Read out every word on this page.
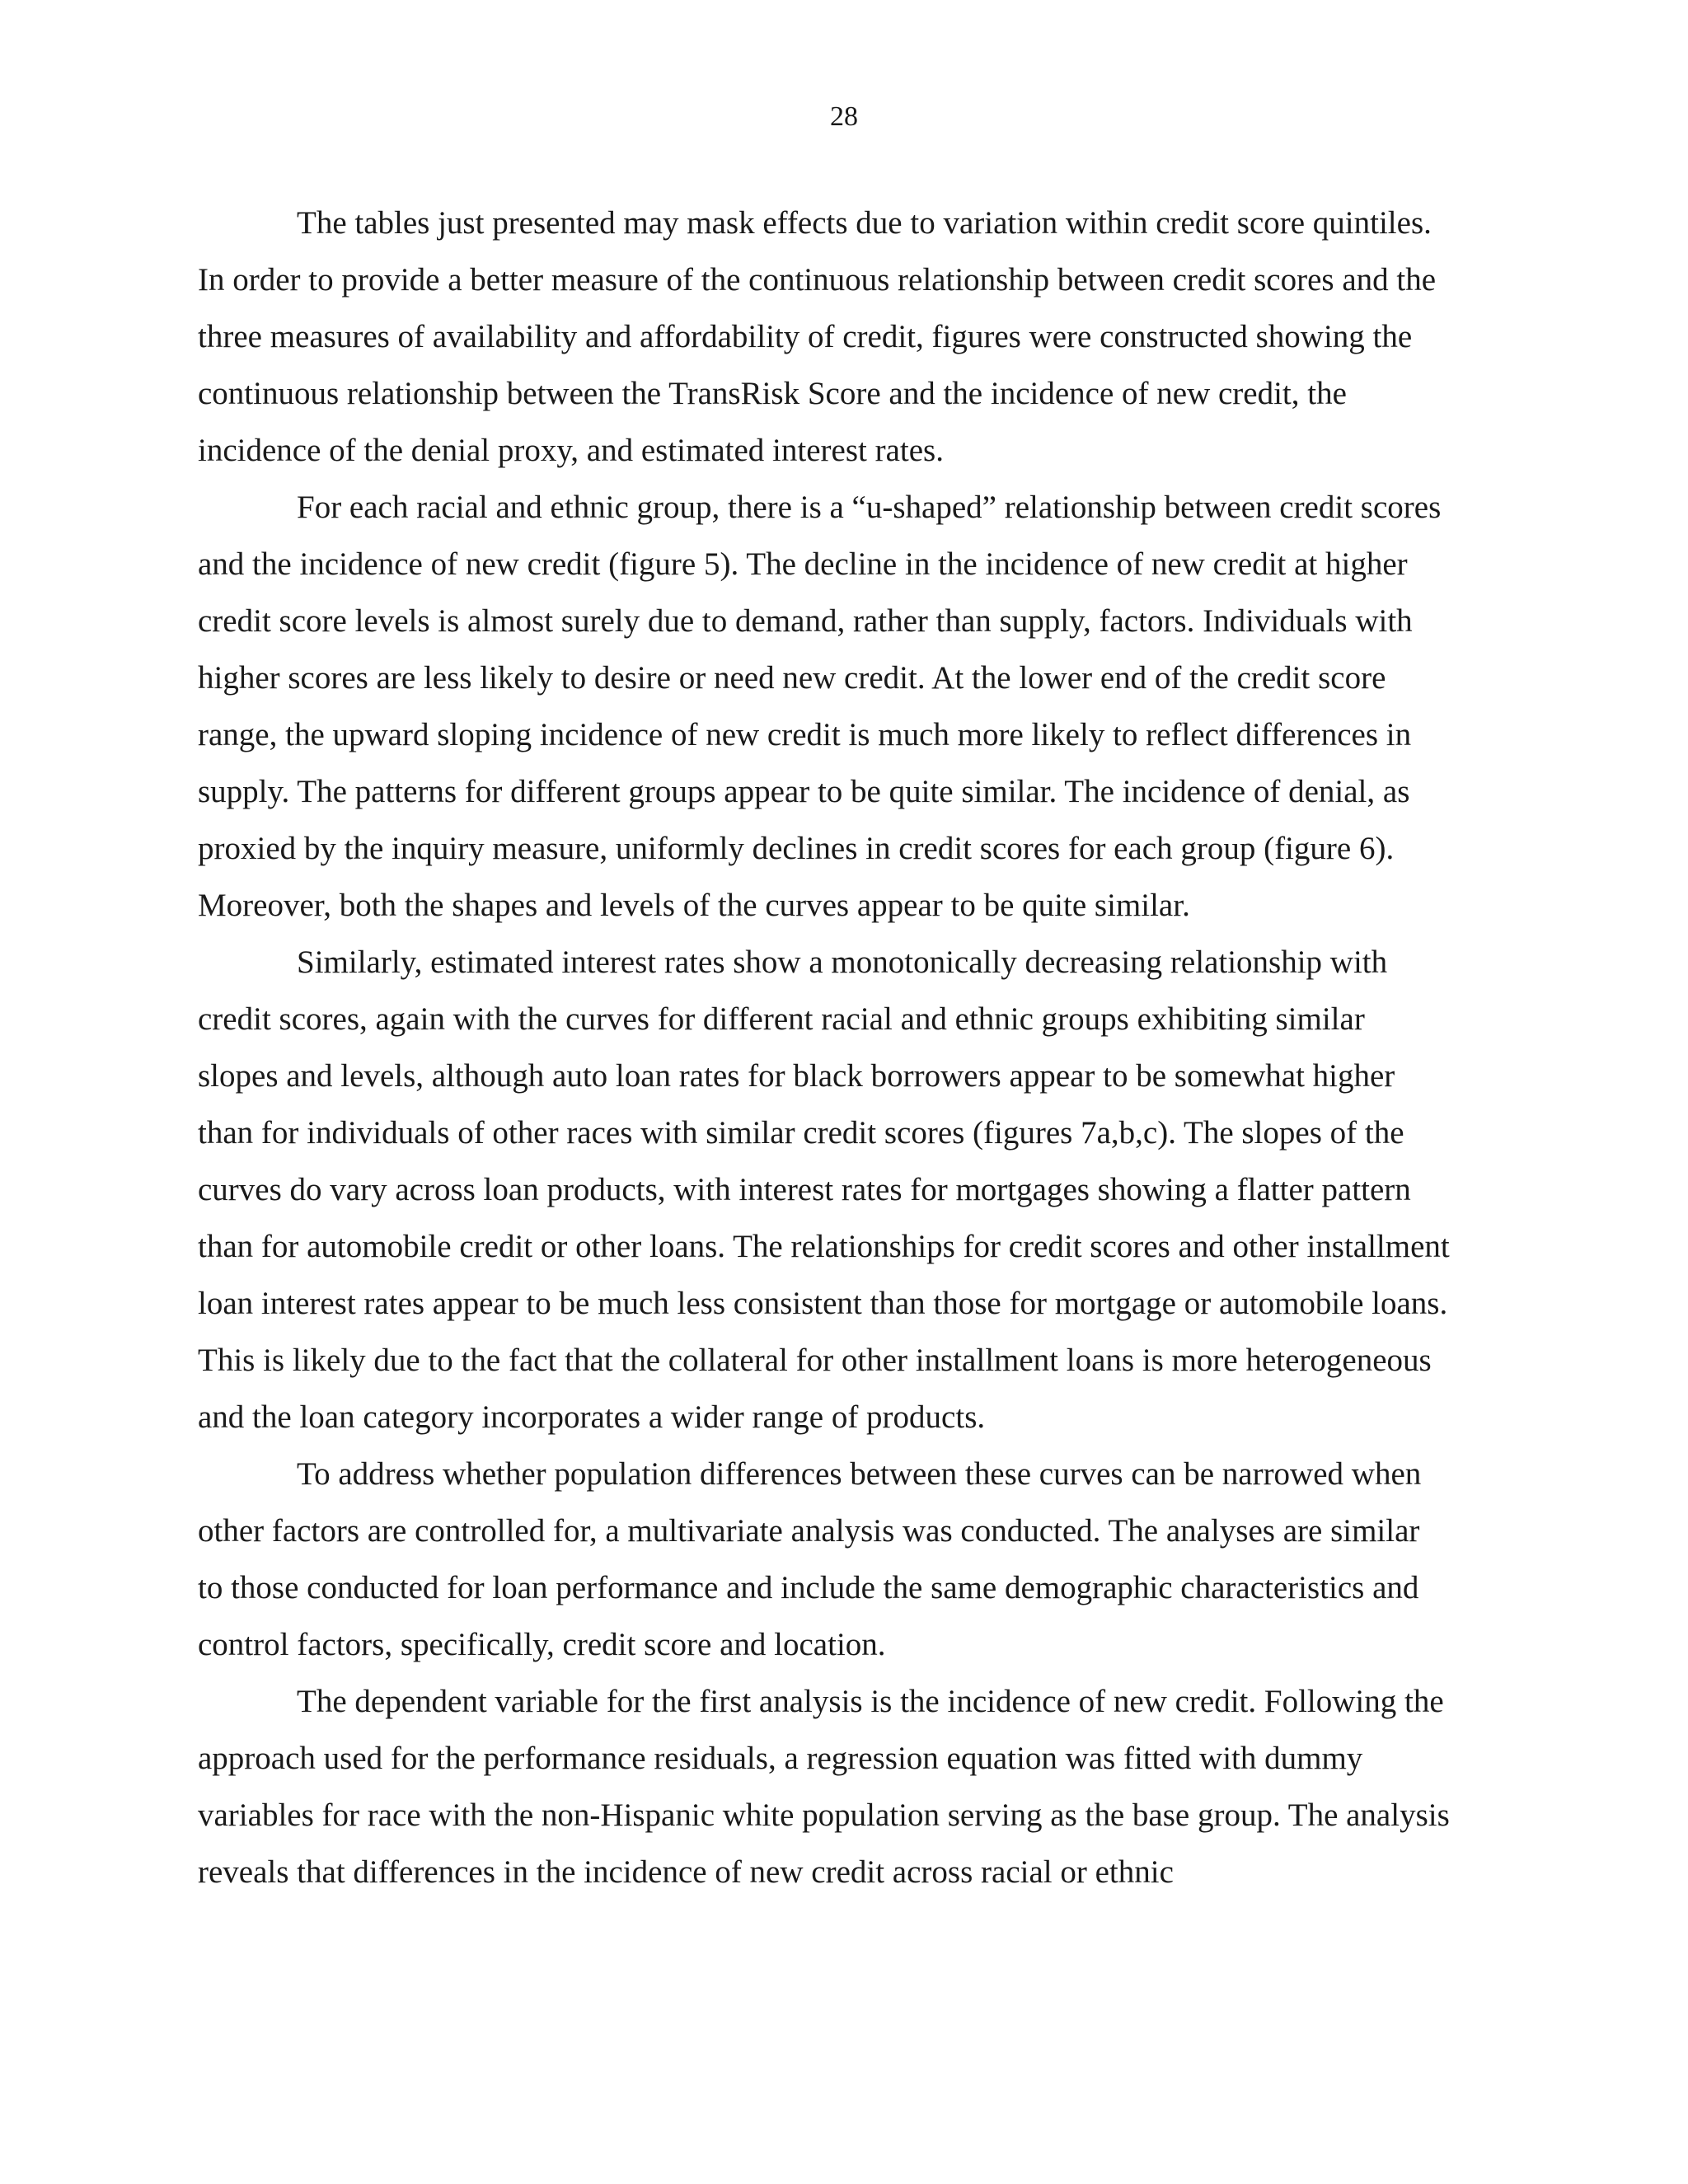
28

The tables just presented may mask effects due to variation within credit score quintiles. In order to provide a better measure of the continuous relationship between credit scores and the three measures of availability and affordability of credit, figures were constructed showing the continuous relationship between the TransRisk Score and the incidence of new credit, the incidence of the denial proxy, and estimated interest rates.

For each racial and ethnic group, there is a “u-shaped” relationship between credit scores and the incidence of new credit (figure 5). The decline in the incidence of new credit at higher credit score levels is almost surely due to demand, rather than supply, factors. Individuals with higher scores are less likely to desire or need new credit. At the lower end of the credit score range, the upward sloping incidence of new credit is much more likely to reflect differences in supply. The patterns for different groups appear to be quite similar. The incidence of denial, as proxied by the inquiry measure, uniformly declines in credit scores for each group (figure 6). Moreover, both the shapes and levels of the curves appear to be quite similar.

Similarly, estimated interest rates show a monotonically decreasing relationship with credit scores, again with the curves for different racial and ethnic groups exhibiting similar slopes and levels, although auto loan rates for black borrowers appear to be somewhat higher than for individuals of other races with similar credit scores (figures 7a,b,c). The slopes of the curves do vary across loan products, with interest rates for mortgages showing a flatter pattern than for automobile credit or other loans. The relationships for credit scores and other installment loan interest rates appear to be much less consistent than those for mortgage or automobile loans. This is likely due to the fact that the collateral for other installment loans is more heterogeneous and the loan category incorporates a wider range of products.

To address whether population differences between these curves can be narrowed when other factors are controlled for, a multivariate analysis was conducted. The analyses are similar to those conducted for loan performance and include the same demographic characteristics and control factors, specifically, credit score and location.

The dependent variable for the first analysis is the incidence of new credit. Following the approach used for the performance residuals, a regression equation was fitted with dummy variables for race with the non-Hispanic white population serving as the base group. The analysis reveals that differences in the incidence of new credit across racial or ethnic
